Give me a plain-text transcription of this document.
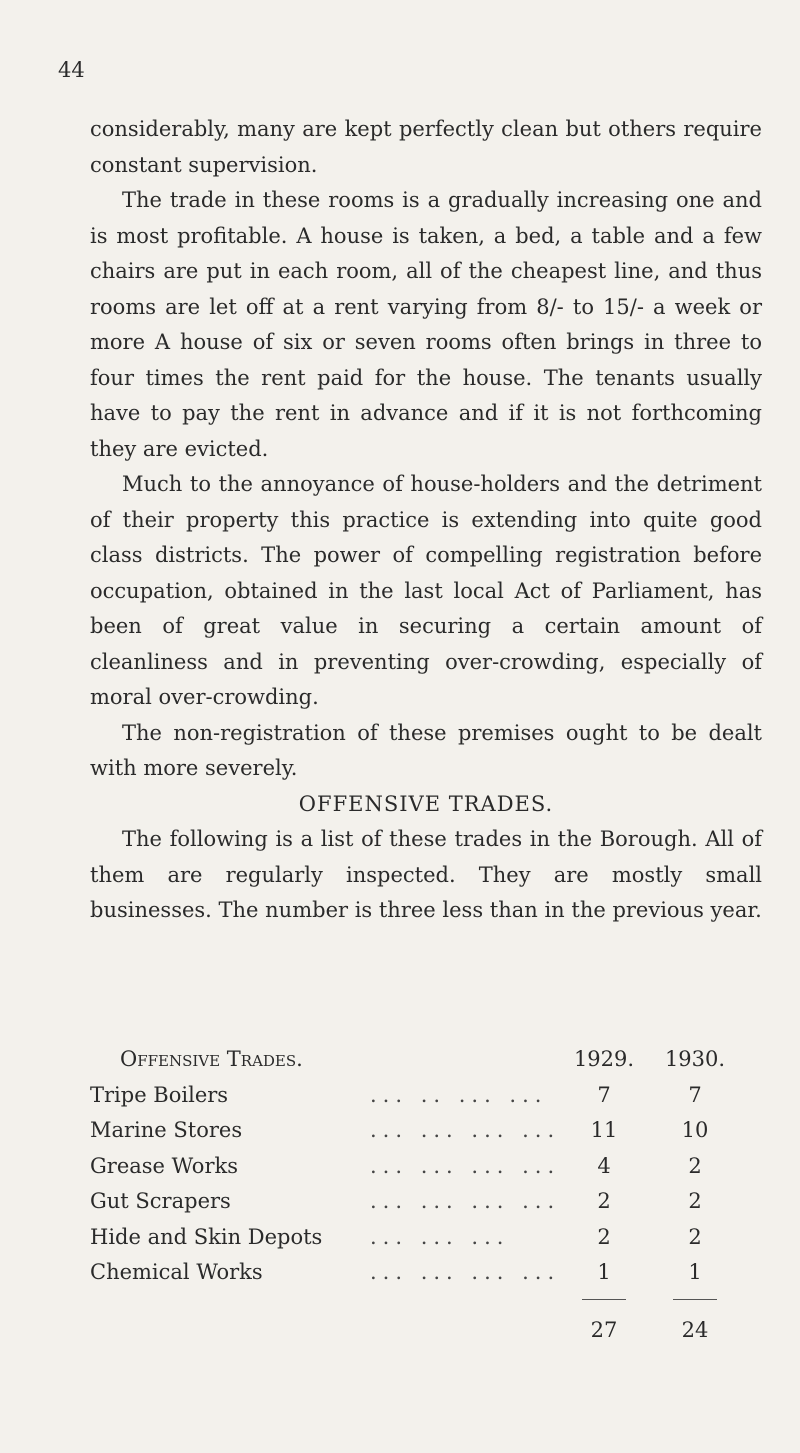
44

considerably, many are kept perfectly clean but others require constant supervision.

The trade in these rooms is a gradually increasing one and is most profitable. A house is taken, a bed, a table and a few chairs are put in each room, all of the cheapest line, and thus rooms are let off at a rent varying from 8/- to 15/- a week or more A house of six or seven rooms often brings in three to four times the rent paid for the house. The tenants usually have to pay the rent in advance and if it is not forthcoming they are evicted.

Much to the annoyance of house-holders and the detriment of their property this practice is extending into quite good class districts. The power of compelling registration before occupation, obtained in the last local Act of Parliament, has been of great value in securing a certain amount of cleanliness and in preventing over-crowding, especially of moral over-crowding.

The non-registration of these premises ought to be dealt with more severely.

OFFENSIVE TRADES.

The following is a list of these trades in the Borough. All of them are regularly inspected. They are mostly small businesses. The number is three less than in the previous year.

Offensive Trades.	1929. 1930.
Tripe Boilers	... .. ... ...	7	7
Marine Stores	... ... ... ...	11	10
Grease Works	... ... ... ...	4	2
Gut Scrapers	... ... ... ...	2	2
Hide and Skin Depots ... ... ...	2	2
Chemical Works	... ... ... ...	1	1
27	24
